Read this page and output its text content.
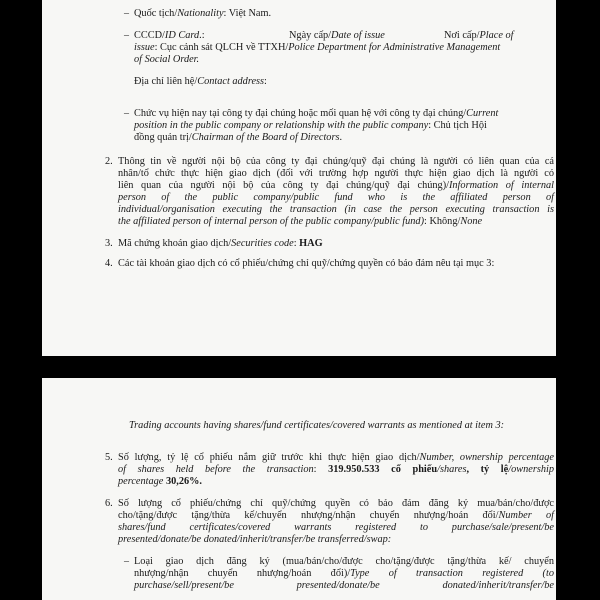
– Quốc tịch/Nationality: Việt Nam.
– CCCD/ID Card.:	Ngày cấp/Date of issue	Nơi cấp/Place of
issue: Cục cảnh sát QLCH về TTXH/Police Department for Administrative Management
of Social Order.
Địa chỉ liên hệ/Contact address:
– Chức vụ hiện nay tại công ty đại chúng hoặc mối quan hệ với công ty đại chúng/Current
position in the public company or relationship with the public company: Chủ tịch Hội
đồng quản trị/Chairman of the Board of Directors.
2. Thông tin về người nội bộ của công ty đại chúng/quỹ đại chúng là người có liên quan của cá
nhân/tổ chức thực hiện giao dịch (đối với trường hợp người thực hiện giao dịch là người có
liên quan của người nội bộ của công ty đại chúng/quỹ đại chúng)/Information of internal
person of the public company/public fund who is the affiliated person of
individual/organisation executing the transaction (in case the person executing transaction is
the affiliated person of internal person of the public company/public fund): Không/None
3. Mã chứng khoán giao dịch/Securities code: HAG
4. Các tài khoản giao dịch có cổ phiếu/chứng chỉ quỹ/chứng quyền có báo đảm nêu tại mục 3:
Trading accounts having shares/fund certificates/covered warrants as mentioned at item 3:
5. Số lượng, tỷ lệ cổ phiếu nắm giữ trước khi thực hiện giao dịch/Number, ownership percentage
of shares held before the transaction: 319.950.533 cổ phiếu/shares, tỷ lệ/ownership
percentage 30,26%.
6. Số lượng cổ phiếu/chứng chỉ quỹ/chứng quyền có bảo đảm đăng ký mua/bán/cho/được
cho/tặng/được tặng/thừa kế/chuyển nhượng/nhận chuyển nhượng/hoán đổi/Number of
shares/fund certificates/covered warrants registered to purchase/sale/present/be
presented/donate/be donated/inherit/transfer/be transferred/swap:
– Loại giao dịch đăng ký (mua/bán/cho/được cho/tặng/được tặng/thừa kế/ chuyển
nhượng/nhận chuyển nhượng/hoán đổi)/Type of transaction registered (to
purchase/sell/present/be presented/donate/be donated/inherit/transfer/be
